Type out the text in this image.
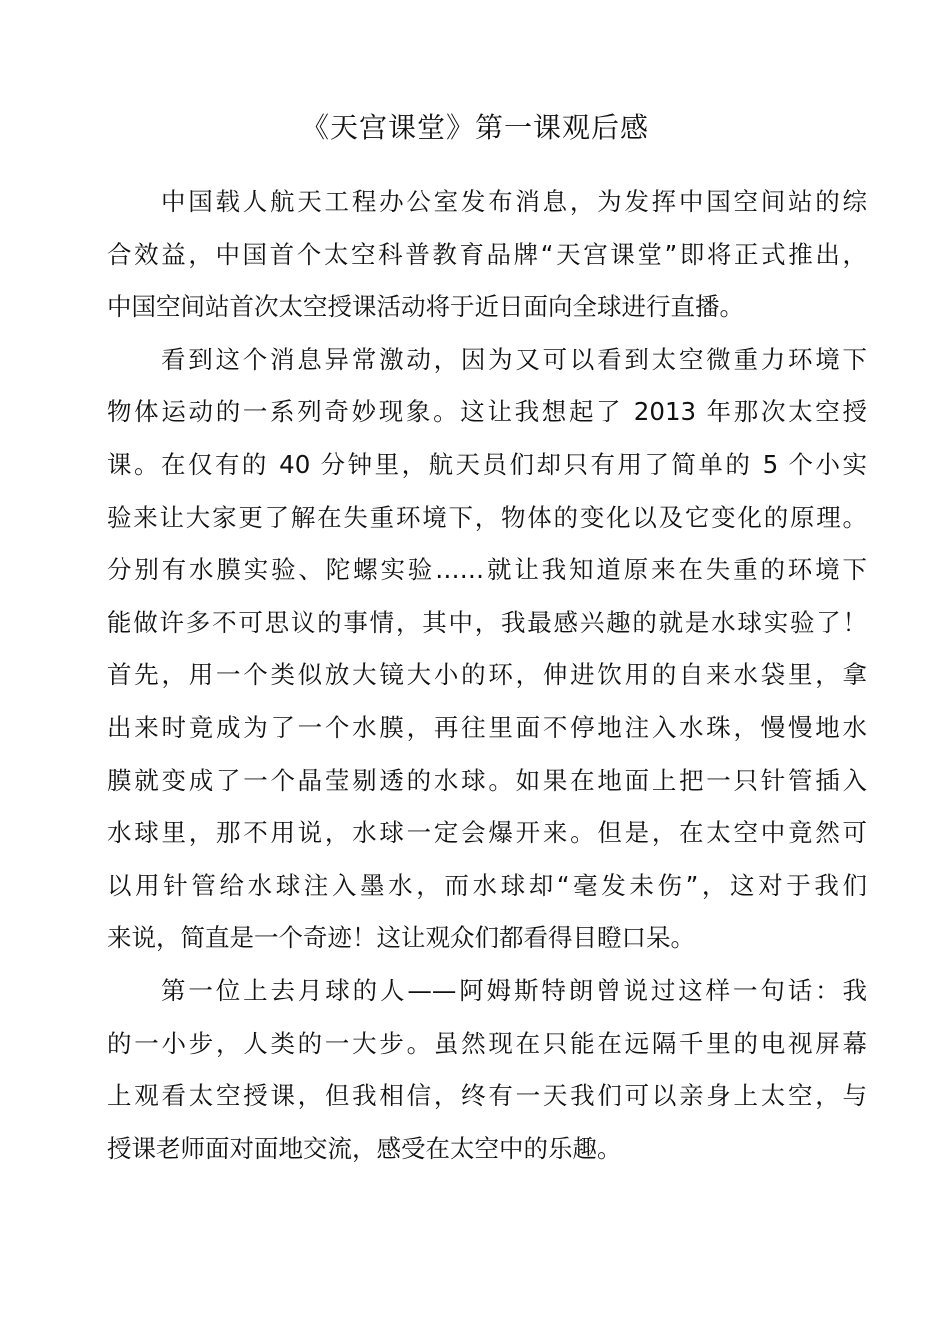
《天宫课堂》第一课观后感
中国载人航天工程办公室发布消息，为发挥中国空间站的综
合效益，中国首个太空科普教育品牌“天宫课堂”即将正式推出，
中国空间站首次太空授课活动将于近日面向全球进行直播。
看到这个消息异常激动，因为又可以看到太空微重力环境下
物体运动的一系列奇妙现象。这让我想起了 2013 年那次太空授
课。在仅有的 40 分钟里，航天员们却只有用了简单的 5 个小实
验来让大家更了解在失重环境下，物体的变化以及它变化的原理。
分别有水膜实验、陀螺实验……就让我知道原来在失重的环境下
能做许多不可思议的事情，其中，我最感兴趣的就是水球实验了！
首先，用一个类似放大镜大小的环，伸进饮用的自来水袋里，拿
出来时竟成为了一个水膜，再往里面不停地注入水珠，慢慢地水
膜就变成了一个晶莹剔透的水球。如果在地面上把一只针管插入
水球里，那不用说，水球一定会爆开来。但是，在太空中竟然可
以用针管给水球注入墨水，而水球却“毫发未伤”，这对于我们
来说，简直是一个奇迹！这让观众们都看得目瞪口呆。
第一位上去月球的人——阿姆斯特朗曾说过这样一句话：我
的一小步，人类的一大步。虽然现在只能在远隔千里的电视屏幕
上观看太空授课，但我相信，终有一天我们可以亲身上太空，与
授课老师面对面地交流，感受在太空中的乐趣。
